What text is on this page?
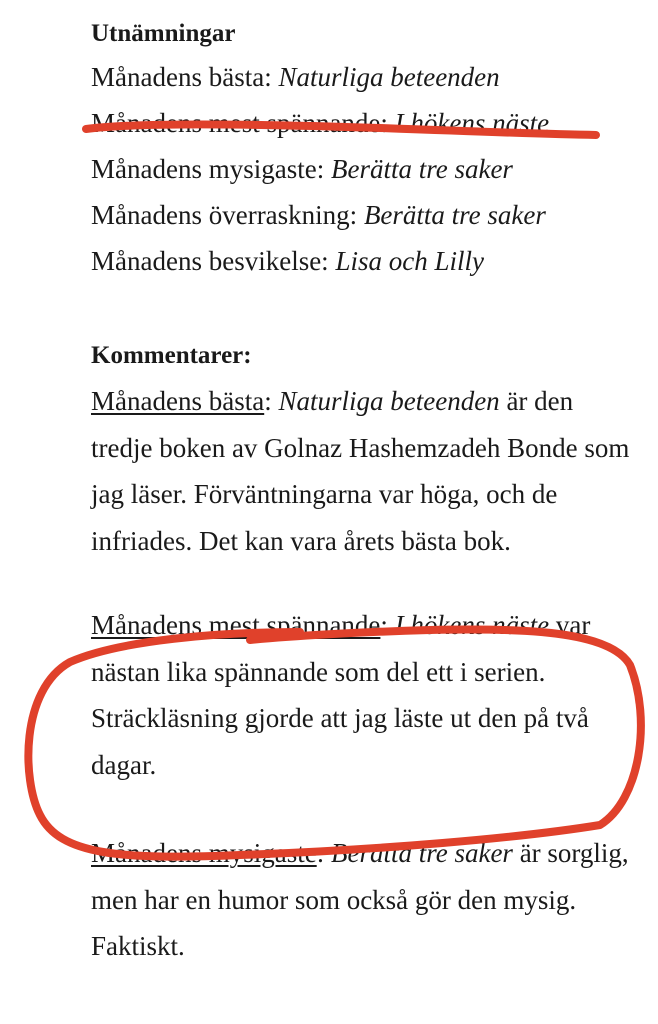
Utnämningar
Månadens bästa: Naturliga beteenden
Månadens mest spännande: I hökens näste
Månadens mysigaste: Berätta tre saker
Månadens överraskning: Berätta tre saker
Månadens besvikelse: Lisa och Lilly
Kommentarer:

Månadens bästa: Naturliga beteenden är den tredje boken av Golnaz Hashemzadeh Bonde som jag läser. Förväntningarna var höga, och de infriades. Det kan vara årets bästa bok.

Månadens mest spännande: I hökens näste var nästan lika spännande som del ett i serien. Sträckläsning gjorde att jag läste ut den på två dagar.

Månadens mysigaste: Berätta tre saker är sorglig, men har en humor som också gör den mysig. Faktiskt.
